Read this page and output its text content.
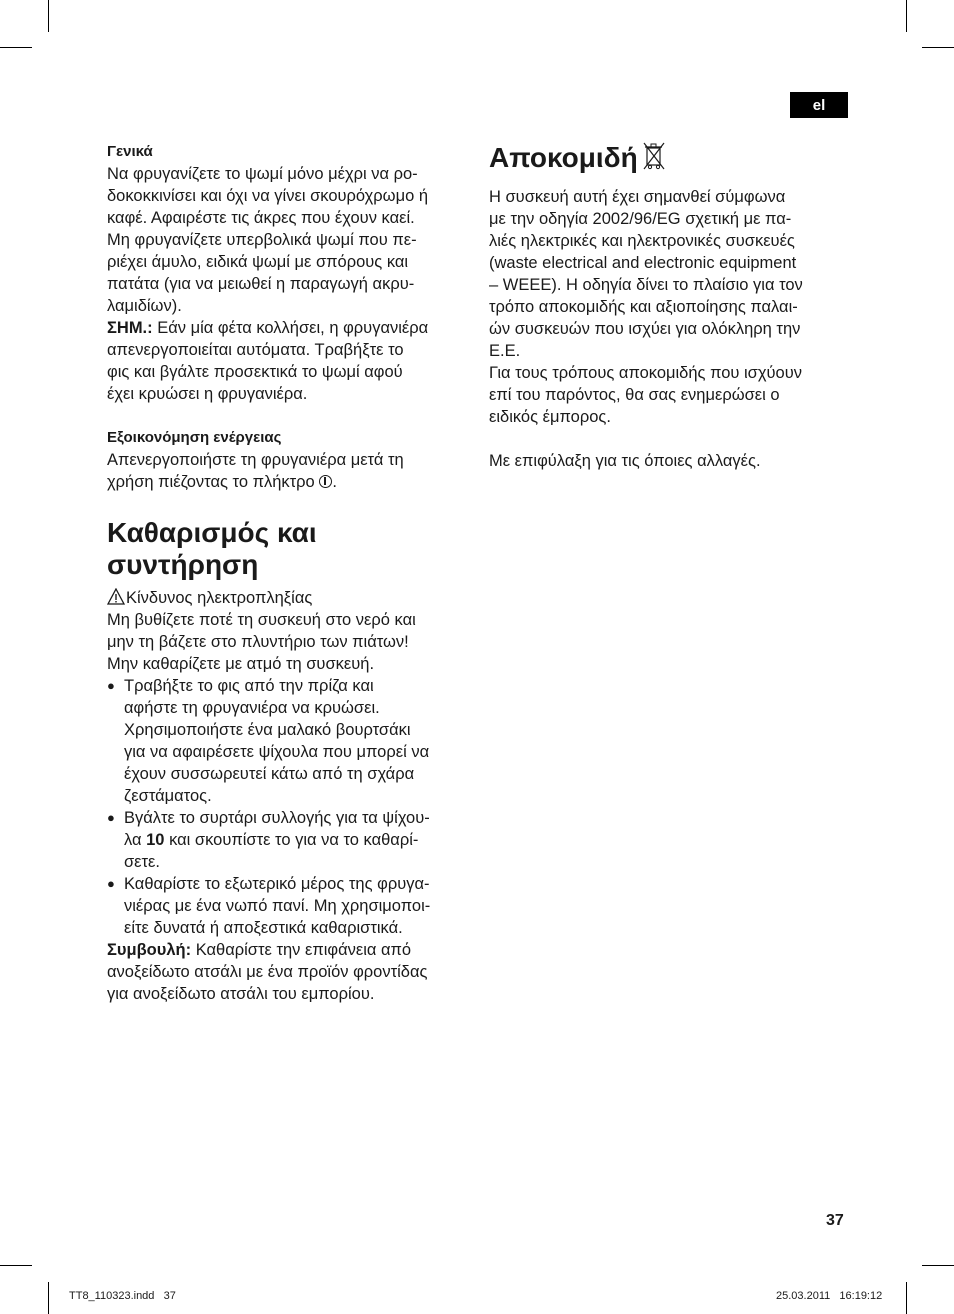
el

Γενικά

Να φρυγανίζετε το ψωμί μόνο μέχρι να ρο-

δοκοκκινίσει και όχι να γίνει σκουρόχρωμο ή

καφέ. Αφαιρέστε τις άκρες που έχουν καεί.

Μη φρυγανίζετε υπερβολικά ψωμί που πε-

ριέχει άμυλο, ειδικά ψωμί με σπόρους και

πατάτα (για να μειωθεί η παραγωγή ακρυ-

λαμιδίων).

ΣΗΜ.: Εάν μία φέτα κολλήσει, η φρυγανιέρα

απενεργοποιείται αυτόματα. Τραβήξτε το

φις και βγάλτε προσεκτικά το ψωμί αφού

έχει κρυώσει η φρυγανιέρα.

Εξοικονόμηση ενέργειας

Απενεργοποιήστε τη φρυγανιέρα μετά τη

χρήση πιέζοντας το πλήκτρο .

Καθαρισμός και
συντήρηση

Κίνδυνος ηλεκτροπληξίας

Μη βυθίζετε ποτέ τη συσκευή στο νερό και

μην τη βάζετε στο πλυντήριο των πιάτων!

Μην καθαρίζετε με ατμό τη συσκευή.

● Τραβήξτε το φις από την πρίζα και
αφήστε τη φρυγανιέρα να κρυώσει.
Χρησιμοποιήστε ένα μαλακό βουρτσάκι
για να αφαιρέσετε ψίχουλα που μπορεί να
έχουν συσσωρευτεί κάτω από τη σχάρα
ζεστάματος.
● Βγάλτε το συρτάρι συλλογής για τα ψίχου-
λα 10 και σκουπίστε το για να το καθαρί-
σετε.
● Καθαρίστε το εξωτερικό μέρος της φρυγα-
νιέρας με ένα νωπό πανί. Μη χρησιμοποι-
είτε δυνατά ή αποξεστικά καθαριστικά.

Συμβουλή: Καθαρίστε την επιφάνεια από

ανοξείδωτο ατσάλι με ένα προϊόν φροντίδας

για ανοξείδωτο ατσάλι του εμπορίου.

Αποκομιδή

Η συσκευή αυτή έχει σημανθεί σύμφωνα

με την οδηγία 2002/96/EG σχετική με πα-

λιές ηλεκτρικές και ηλεκτρονικές συσκευές

(waste electrical and electronic equipment

– WEEE). Η οδηγία δίνει το πλαίσιο για τον

τρόπο αποκομιδής και αξιοποίησης παλαι-

ών συσκευών που ισχύει για ολόκληρη την

E.E.

Για τους τρόπους αποκομιδής που ισχύουν

επί του παρόντος, θα σας ενημερώσει ο

ειδικός έμπορος.

Με επιφύλαξη για τις όποιες αλλαγές.

37
TT8_110323.indd   37	25.03.2011   16:19:12
